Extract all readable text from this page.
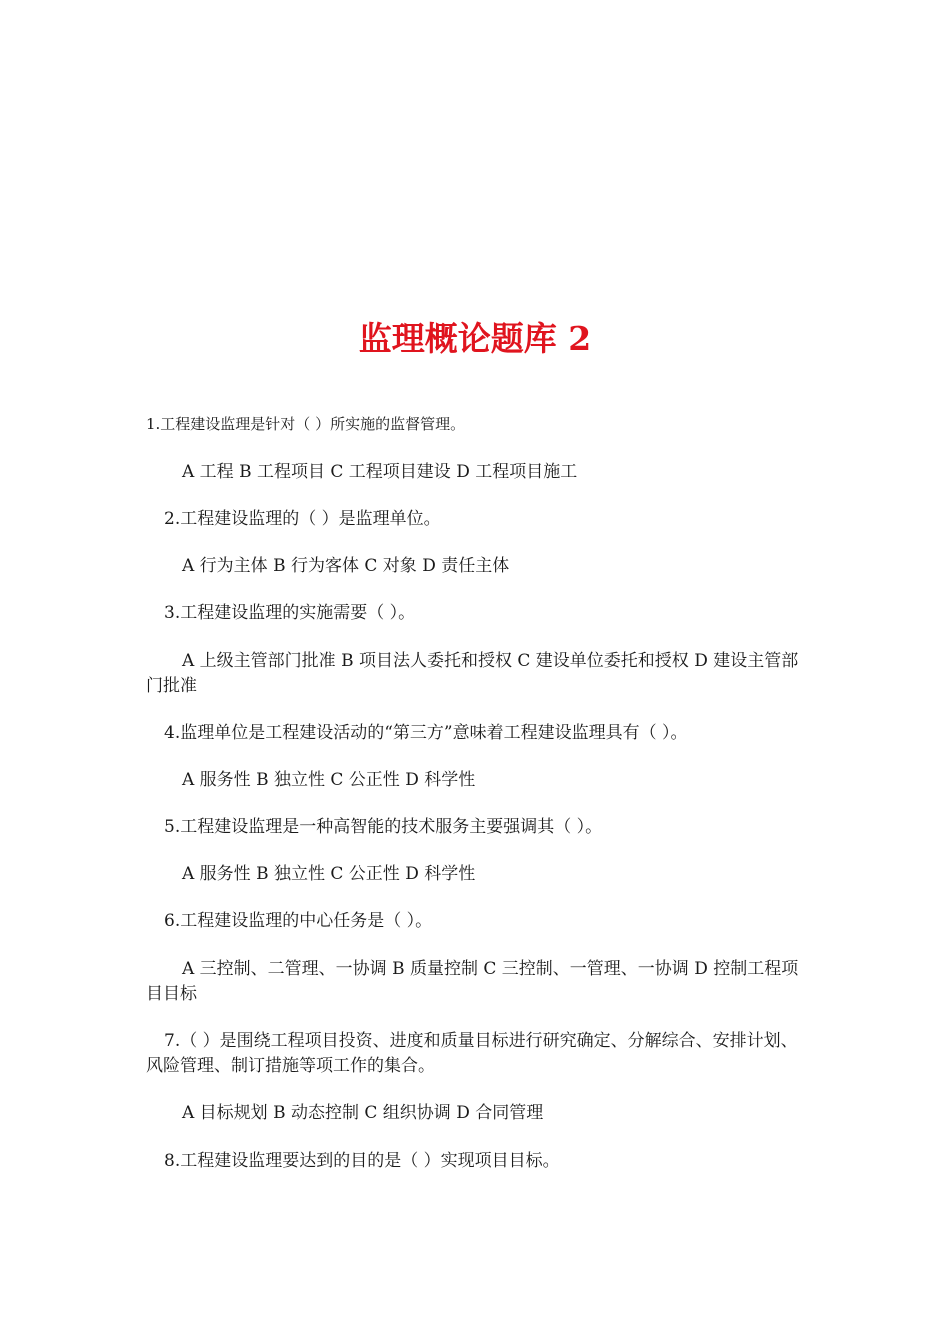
监理概论题库 2

1.工程建设监理是针对（ ）所实施的监督管理。

A 工程 B 工程项目 C 工程项目建设 D 工程项目施工

2.工程建设监理的（ ）是监理单位。

A 行为主体 B 行为客体 C 对象 D 责任主体

3.工程建设监理的实施需要（ ）。

A 上级主管部门批准 B 项目法人委托和授权 C 建设单位委托和授权 D 建设主管部门批准

4.监理单位是工程建设活动的“第三方”意味着工程建设监理具有（ ）。

A 服务性 B 独立性 C 公正性 D 科学性

5.工程建设监理是一种高智能的技术服务主要强调其（ ）。

A 服务性 B 独立性 C 公正性 D 科学性

6.工程建设监理的中心任务是（ ）。

A 三控制、二管理、一协调 B 质量控制 C 三控制、一管理、一协调 D 控制工程项目目标

7.（ ）是围绕工程项目投资、进度和质量目标进行研究确定、分解综合、安排计划、风险管理、制订措施等项工作的集合。

A 目标规划 B 动态控制 C 组织协调 D 合同管理

8.工程建设监理要达到的目的是（ ）实现项目目标。
